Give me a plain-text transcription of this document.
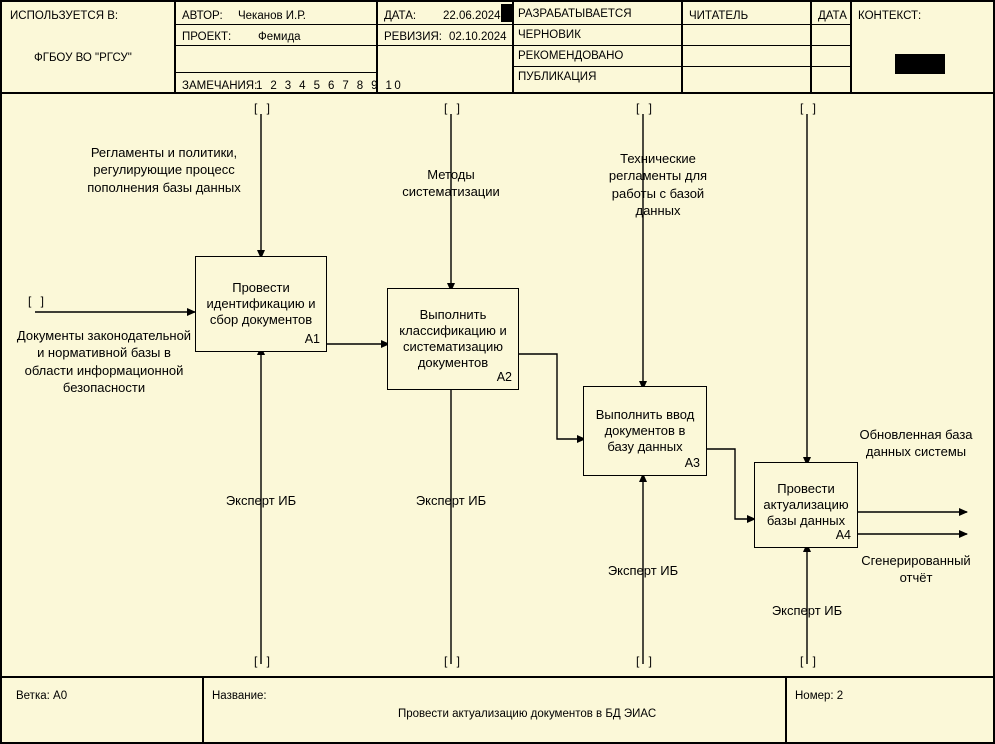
ИСПОЛЬЗУЕТСЯ В:
ФГБОУ ВО "РГСУ"
АВТОР:	Чеканов И.Р.
ПРОЕКТ:	Фемида
ЗАМЕЧАНИЯ:
1 2 3 4 5 6 7 8 9 10
ДАТА:	22.06.2024
РЕВИЗИЯ: 02.10.2024
РАЗРАБАТЫВАЕТСЯ
ЧЕРНОВИК
РЕКОМЕНДОВАНО
ПУБЛИКАЦИЯ
ЧИТАТЕЛЬ	ДАТА КОНТЕКСТ:
[ ]	[ ]	[ ]	[ ]
[ ]
[ ]	[ ]	[ ]	[ ]
Регламенты и политики, регулирующие процесс пополнения базы данных
Методы систематизации
Технические регламенты для работы с базой данных
Документы законодательной и нормативной базы в области информационной безопасности
Эксперт ИБ	Эксперт ИБ
Эксперт ИБ
Эксперт ИБ
Обновленная база данных системы
Сгенерированный отчёт
Провести идентификацию и сбор документов
A1
Выполнить классификацию и систематизацию документов
A2
Выполнить ввод документов в базу данных
A3
Провести актуализацию базы данных
A4
Ветка: A0	Название:
Провести актуализацию документов в БД ЭИАС
Номер: 2
